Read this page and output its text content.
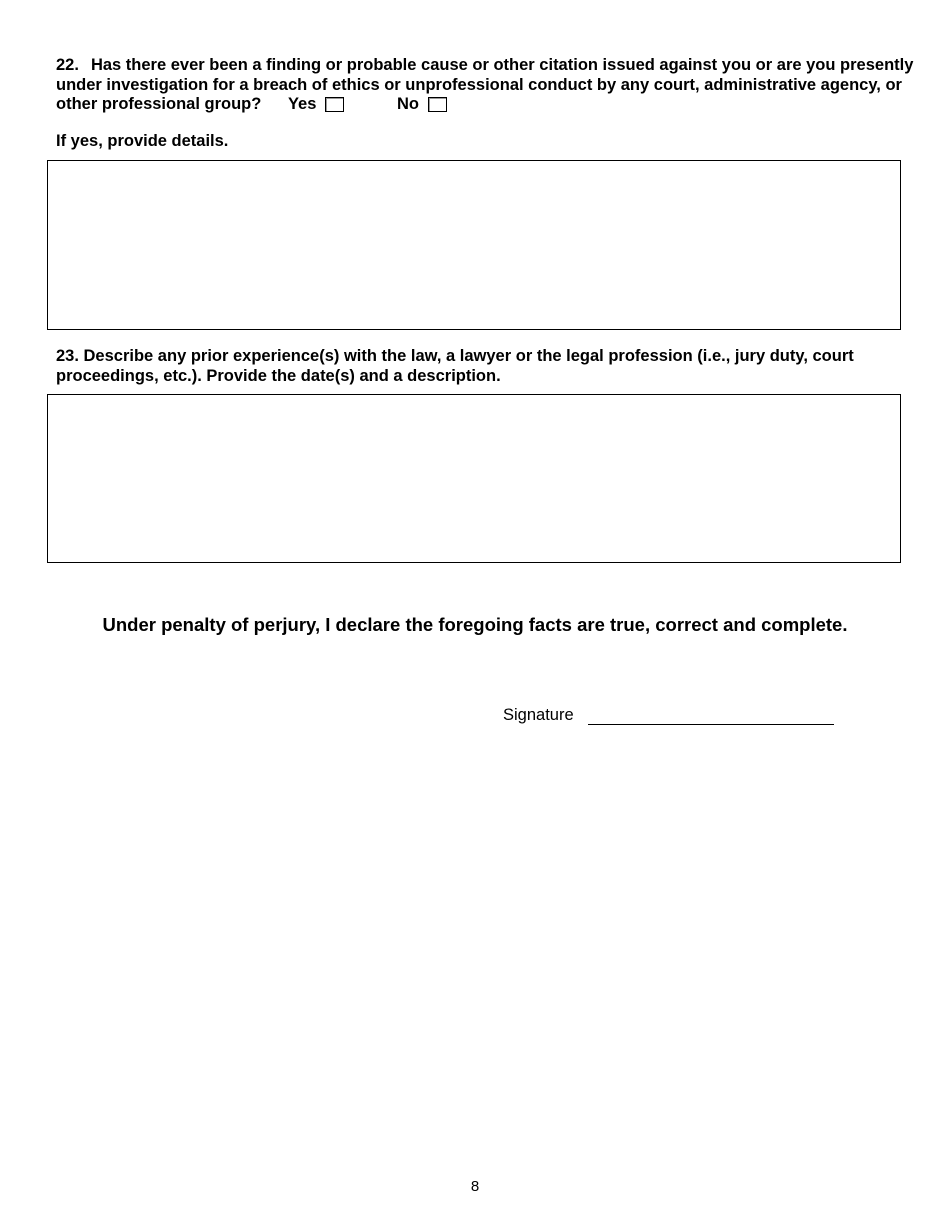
22. Has there ever been a finding or probable cause or other citation issued against you or are you presently under investigation for a breach of ethics or unprofessional conduct by any court, administrative agency, or other professional group? Yes
	No
If yes, provide details.
23. Describe any prior experience(s) with the law, a lawyer or the legal profession (i.e., jury duty, court proceedings, etc.). Provide the date(s) and a description.
Under penalty of perjury, I declare the foregoing facts are true, correct and complete.
Signature
8
